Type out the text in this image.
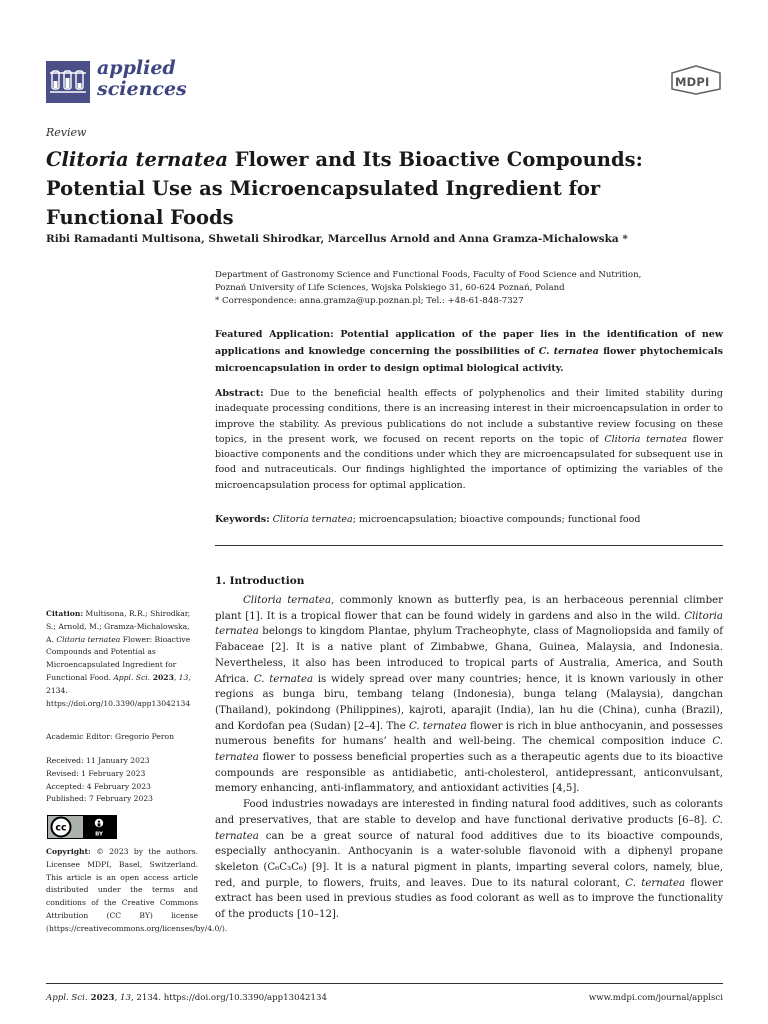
applied
sciences	MDPI
Review
Clitoria ternatea Flower and Its Bioactive Compounds: Potential Use as Microencapsulated Ingredient for Functional Foods
Ribi Ramadanti Multisona, Shwetali Shirodkar, Marcellus Arnold and Anna Gramza-Michalowska *
Department of Gastronomy Science and Functional Foods, Faculty of Food Science and Nutrition,
Poznań University of Life Sciences, Wojska Polskiego 31, 60-624 Poznań, Poland
* Correspondence: anna.gramza@up.poznan.pl; Tel.: +48-61-848-7327
Featured Application: Potential application of the paper lies in the identification of new applications and knowledge concerning the possibilities of C. ternatea flower phytochemicals microencapsulation in order to design optimal biological activity.
Abstract: Due to the beneficial health effects of polyphenolics and their limited stability during inadequate processing conditions, there is an increasing interest in their microencapsulation in order to improve the stability. As previous publications do not include a substantive review focusing on these topics, in the present work, we focused on recent reports on the topic of Clitoria ternatea flower bioactive components and the conditions under which they are microencapsulated for subsequent use in food and nutraceuticals. Our findings highlighted the importance of optimizing the variables of the microencapsulation process for optimal application.
Keywords: Clitoria ternatea; microencapsulation; bioactive compounds; functional food
1. Introduction

Clitoria ternatea, commonly known as butterfly pea, is an herbaceous perennial climber plant [1]. It is a tropical flower that can be found widely in gardens and also in the wild. Clitoria ternatea belongs to kingdom Plantae, phylum Tracheophyte, class of Magnoliopsida and family of Fabaceae [2]. It is a native plant of Zimbabwe, Ghana, Guinea, Malaysia, and Indonesia. Nevertheless, it also has been introduced to tropical parts of Australia, America, and South Africa. C. ternatea is widely spread over many countries; hence, it is known variously in other regions as bunga biru, tembang telang (Indonesia), bunga telang (Malaysia), dangchan (Thailand), pokindong (Philippines), kajroti, aparajit (India), lan hu die (China), cunha (Brazil), and Kordofan pea (Sudan) [2–4]. The C. ternatea flower is rich in blue anthocyanin, and possesses numerous benefits for humans’ health and well-being. The chemical composition induce C. ternatea flower to possess beneficial properties such as a therapeutic agents due to its bioactive compounds are responsible as antidiabetic, anti-cholesterol, antidepressant, anticonvulsant, memory enhancing, anti-inflammatory, and antioxidant activities [4,5].

Food industries nowadays are interested in finding natural food additives, such as colorants and preservatives, that are stable to develop and have functional derivative products [6–8]. C. ternatea can be a great source of natural food additives due to its bioactive compounds, especially anthocyanin. Anthocyanin is a water-soluble flavonoid with a diphenyl propane skeleton (C₆C₃C₆) [9]. It is a natural pigment in plants, imparting several colors, namely, blue, red, and purple, to flowers, fruits, and leaves. Due to its natural colorant, C. ternatea flower extract has been used in previous studies as food colorant as well as to improve the functionality of the products [10–12].

Citation: Multisona, R.R.; Shirodkar, S.; Arnold, M.; Gramza-Michalowska, A. Clitoria ternatea Flower: Bioactive Compounds and Potential as Microencapsulated Ingredient for Functional Food. Appl. Sci. 2023, 13, 2134. https://doi.org/10.3390/app13042134
Academic Editor: Gregorio Peron
Received: 11 January 2023
Revised: 1 February 2023
Accepted: 4 February 2023
Published: 7 February 2023
cc
BY
Copyright: © 2023 by the authors. Licensee MDPI, Basel, Switzerland. This article is an open access article distributed under the terms and conditions of the Creative Commons Attribution (CC BY) license (https://creativecommons.org/licenses/by/4.0/).
Appl. Sci. 2023, 13, 2134. https://doi.org/10.3390/app13042134	www.mdpi.com/journal/applsci
